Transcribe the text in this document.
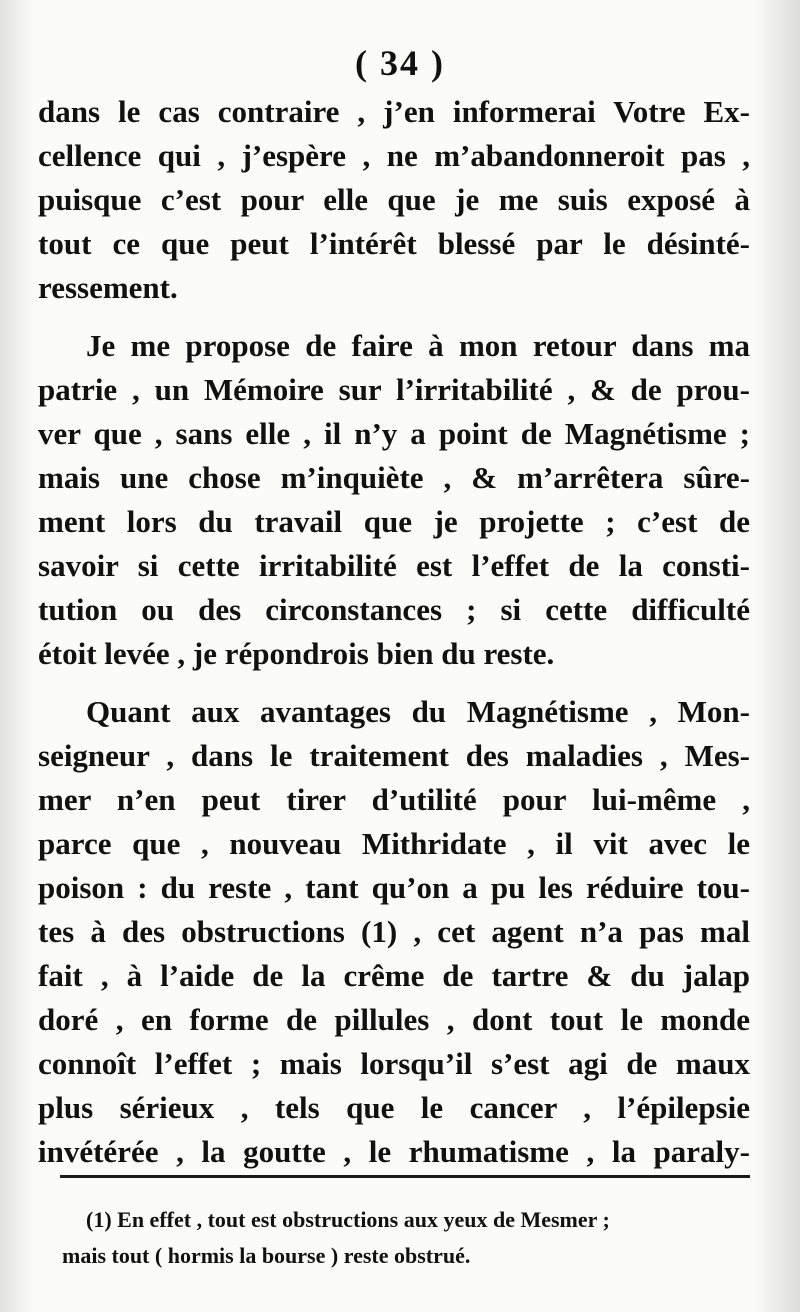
( 34 )
dans le cas contraire , j’en informerai Votre Ex-
cellence qui , j’espère , ne m’abandonneroit pas ,
puisque c’est pour elle que je me suis exposé à
tout ce que peut l’intérêt blessé par le désinté-
ressement.
Je me propose de faire à mon retour dans ma
patrie , un Mémoire sur l’irritabilité , & de prou-
ver que , sans elle , il n’y a point de Magnétisme ;
mais une chose m’inquiète , & m’arrêtera sûre-
ment lors du travail que je projette ; c’est de
savoir si cette irritabilité est l’effet de la consti-
tution ou des circonstances ; si cette difficulté
étoit levée , je répondrois bien du reste.
Quant aux avantages du Magnétisme , Mon-
seigneur , dans le traitement des maladies , Mes-
mer n’en peut tirer d’utilité pour lui-même ,
parce que , nouveau Mithridate , il vit avec le
poison : du reste , tant qu’on a pu les réduire tou-
tes à des obstructions (1) , cet agent n’a pas mal
fait , à l’aide de la crême de tartre & du jalap
doré , en forme de pillules , dont tout le monde
connoît l’effet ; mais lorsqu’il s’est agi de maux
plus sérieux , tels que le cancer , l’épilepsie
invétérée , la goutte , le rhumatisme , la paraly-
(1) En effet , tout est obstructions aux yeux de Mesmer ;
mais tout ( hormis la bourse ) reste obstrué.
